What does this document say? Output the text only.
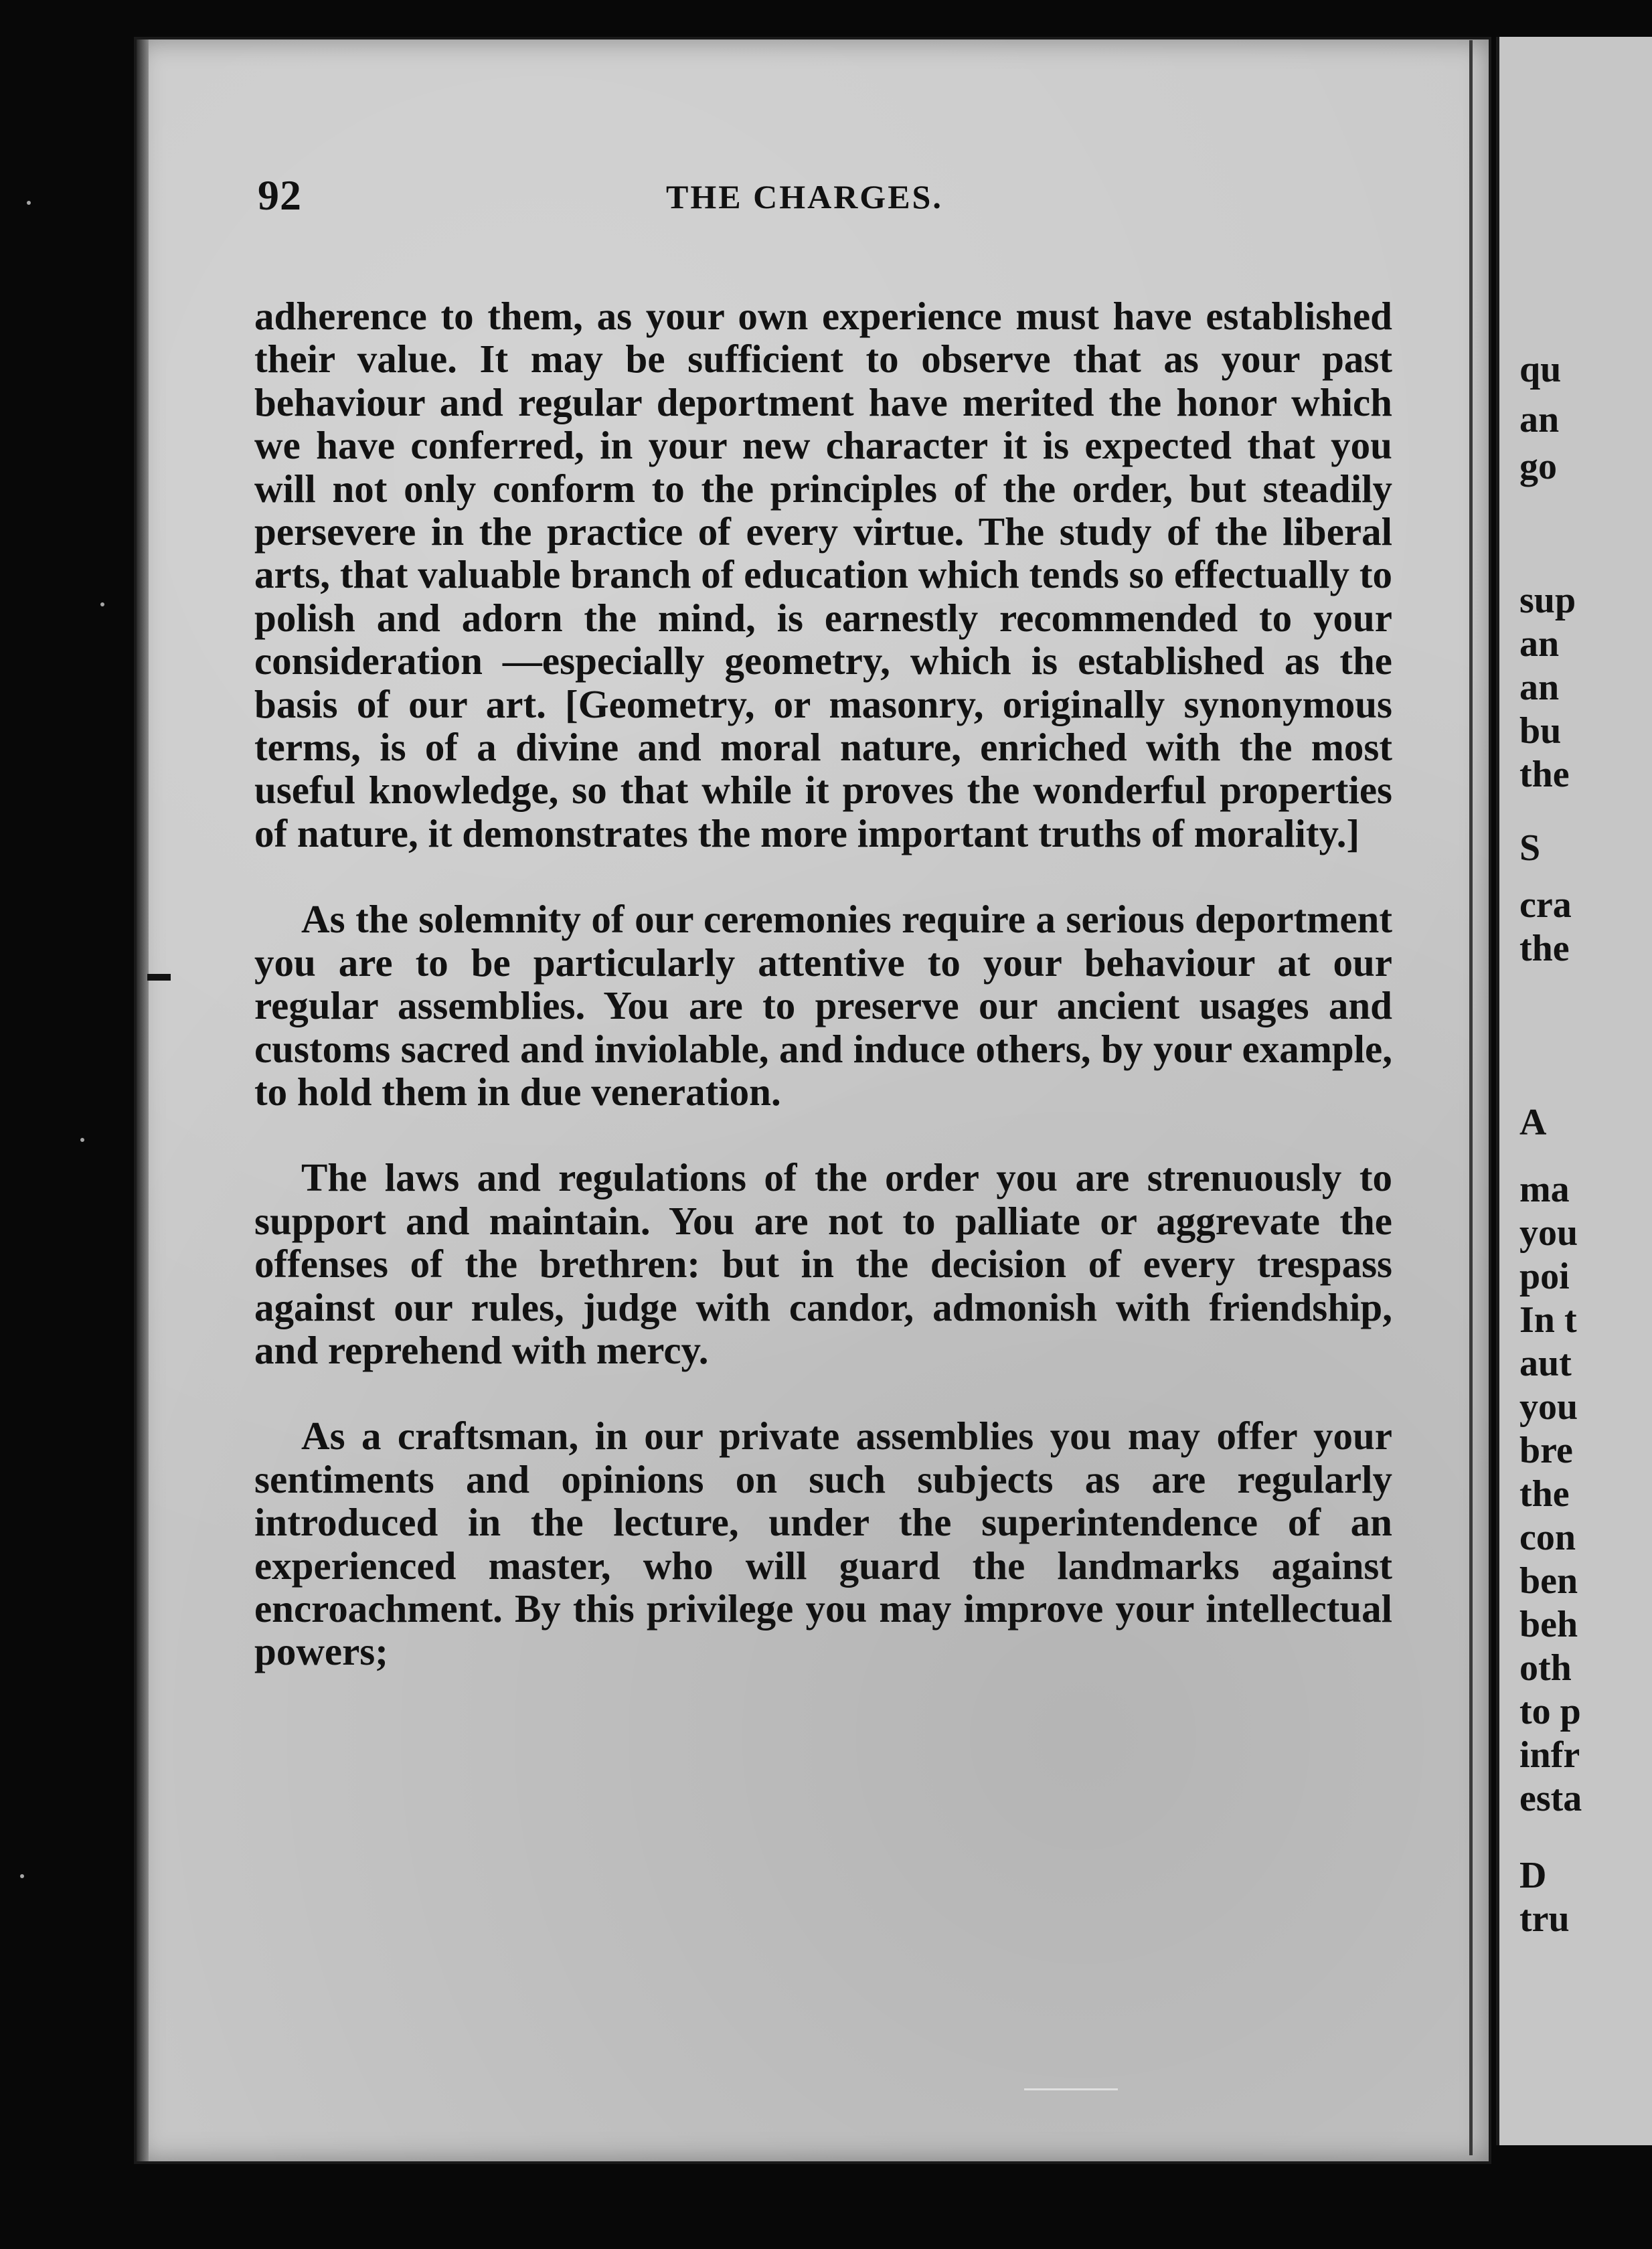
92	THE CHARGES.

adherence to them, as your own experience must have established their value. It may be sufficient to observe that as your past behaviour and regular deportment have merited the honor which we have conferred, in your new character it is expected that you will not only conform to the principles of the order, but steadily persevere in the practice of every virtue. The study of the liberal arts, that valuable branch of education which tends so effectually to polish and adorn the mind, is earnestly recommended to your consideration —especially geometry, which is established as the basis of our art. [Geometry, or masonry, originally synonymous terms, is of a divine and moral nature, enriched with the most useful knowledge, so that while it proves the wonderful properties of nature, it demonstrates the more important truths of morality.]

As the solemnity of our ceremonies require a serious deportment you are to be particularly attentive to your behaviour at our regular assemblies. You are to preserve our ancient usages and customs sacred and inviolable, and induce others, by your example, to hold them in due veneration.

The laws and regulations of the order you are strenuously to support and maintain. You are not to palliate or aggrevate the offenses of the brethren: but in the decision of every trespass against our rules, judge with candor, admonish with friendship, and reprehend with mercy.

As a craftsman, in our private assemblies you may offer your sentiments and opinions on such subjects as are regularly introduced in the lecture, under the superintendence of an experienced master, who will guard the landmarks against encroachment. By this privilege you may improve your intellectual powers;

qu
an
go
sup
an
an
bu
the
S
cra
the
A
ma
you
poi
In t
aut
you
bre
the
con
ben
beh
oth
to p
infr
esta
D
tru
